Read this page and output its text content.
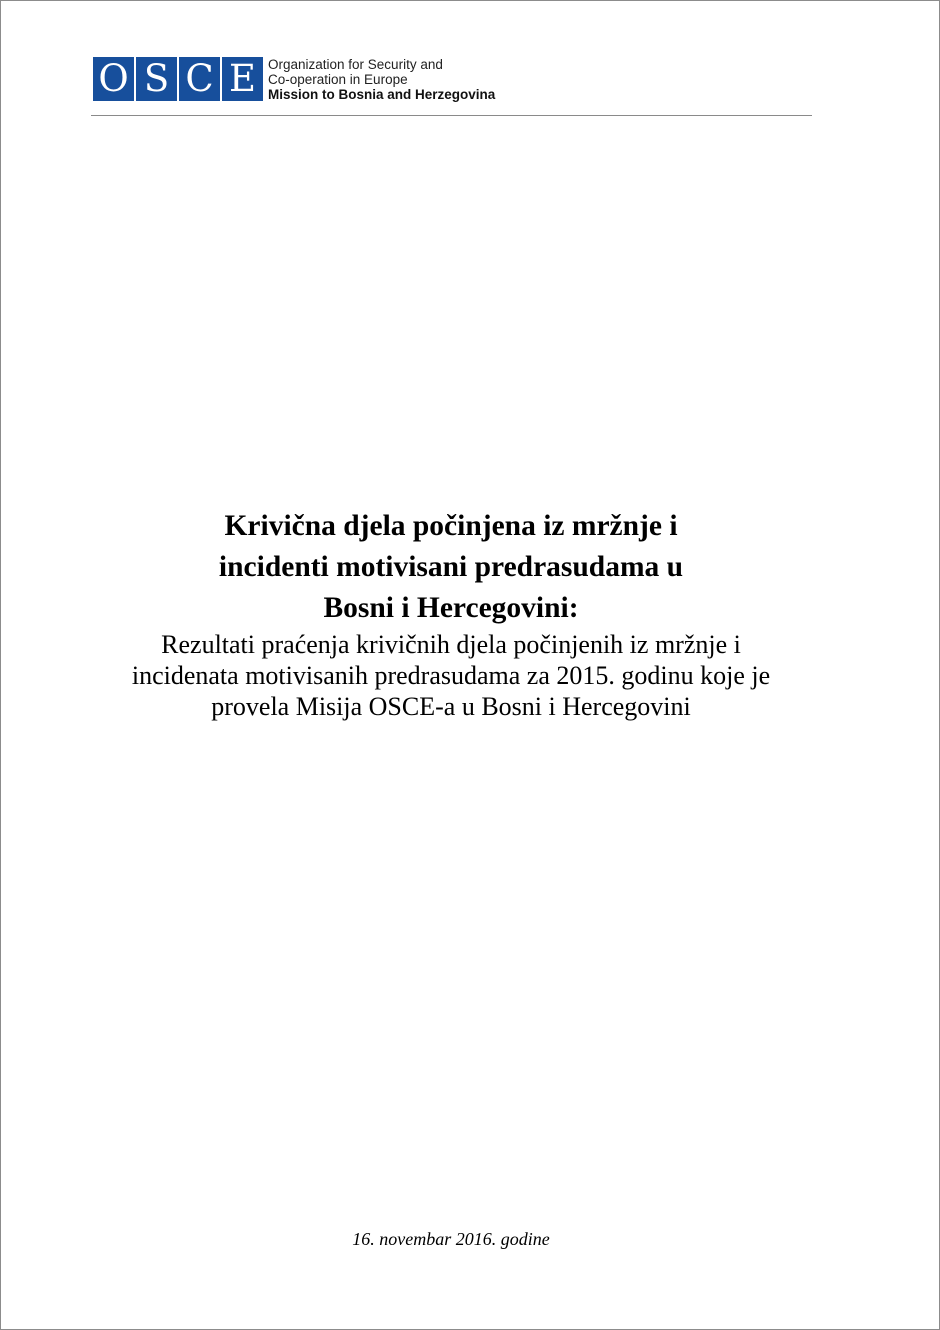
O S C E Organization for Security and
Co-operation in Europe
Mission to Bosnia and Herzegovina
Krivična djela počinjena iz mržnje i
incidenti motivisani predrasudama u
Bosni i Hercegovini:
Rezultati praćenja krivičnih djela počinjenih iz mržnje i
incidenata motivisanih predrasudama za 2015. godinu koje je
provela Misija OSCE-a u Bosni i Hercegovini
16. novembar 2016. godine
